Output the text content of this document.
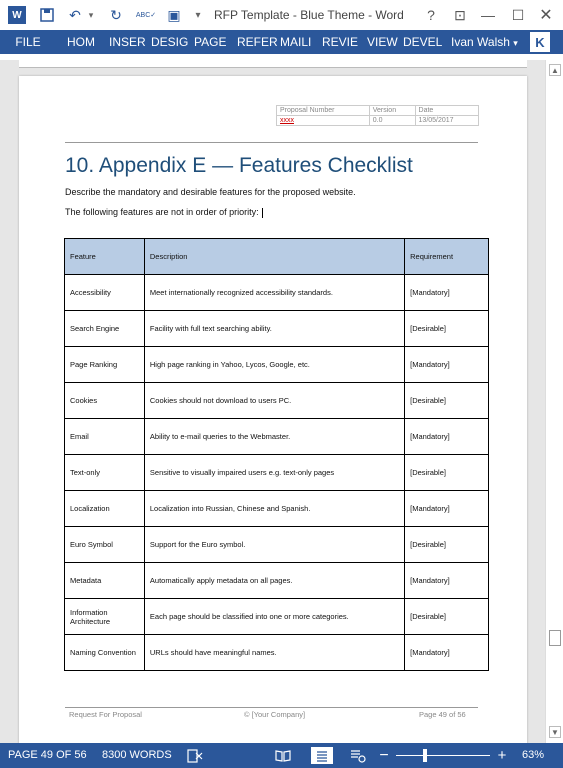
W	↶ ▾ ↻	ABC✓ ▣	▾ RFP Template - Blue Theme - Word	?	⊡	—	☐ ✕
FILE	HOM INSER DESIG PAGE REFER MAILI REVIE VIEW DEVEL Ivan Walsh ▾	K
Proposal Number	Version	Date
xxxx	0.0	13/05/2017
10. Appendix E — Features Checklist
Describe the mandatory and desirable features for the proposed website.
The following features are not in order of priority:
Feature	Description	Requirement
Accessibility	Meet internationally recognized accessibility standards.	[Mandatory]
Search Engine	Facility with full text searching ability.	[Desirable]
Page Ranking	High page ranking in Yahoo, Lycos, Google, etc.	[Mandatory]
Cookies	Cookies should not download to users PC.	[Desirable]
Email	Ability to e-mail queries to the Webmaster.	[Mandatory]
Text-only	Sensitive to visually impaired users e.g. text-only pages	[Desirable]
Localization	Localization into Russian, Chinese and Spanish.	[Mandatory]
Euro Symbol	Support for the Euro symbol.	[Desirable]
Metadata	Automatically apply metadata on all pages.	[Mandatory]
Information Architecture	Each page should be classified into one or more categories.	[Desirable]
Naming Convention	URLs should have meaningful names.	[Mandatory]
Request For Proposal	© [Your Company]	Page 49 of 56
▲
▼
PAGE 49 OF 56 8300 WORDS	−	+ 63%
